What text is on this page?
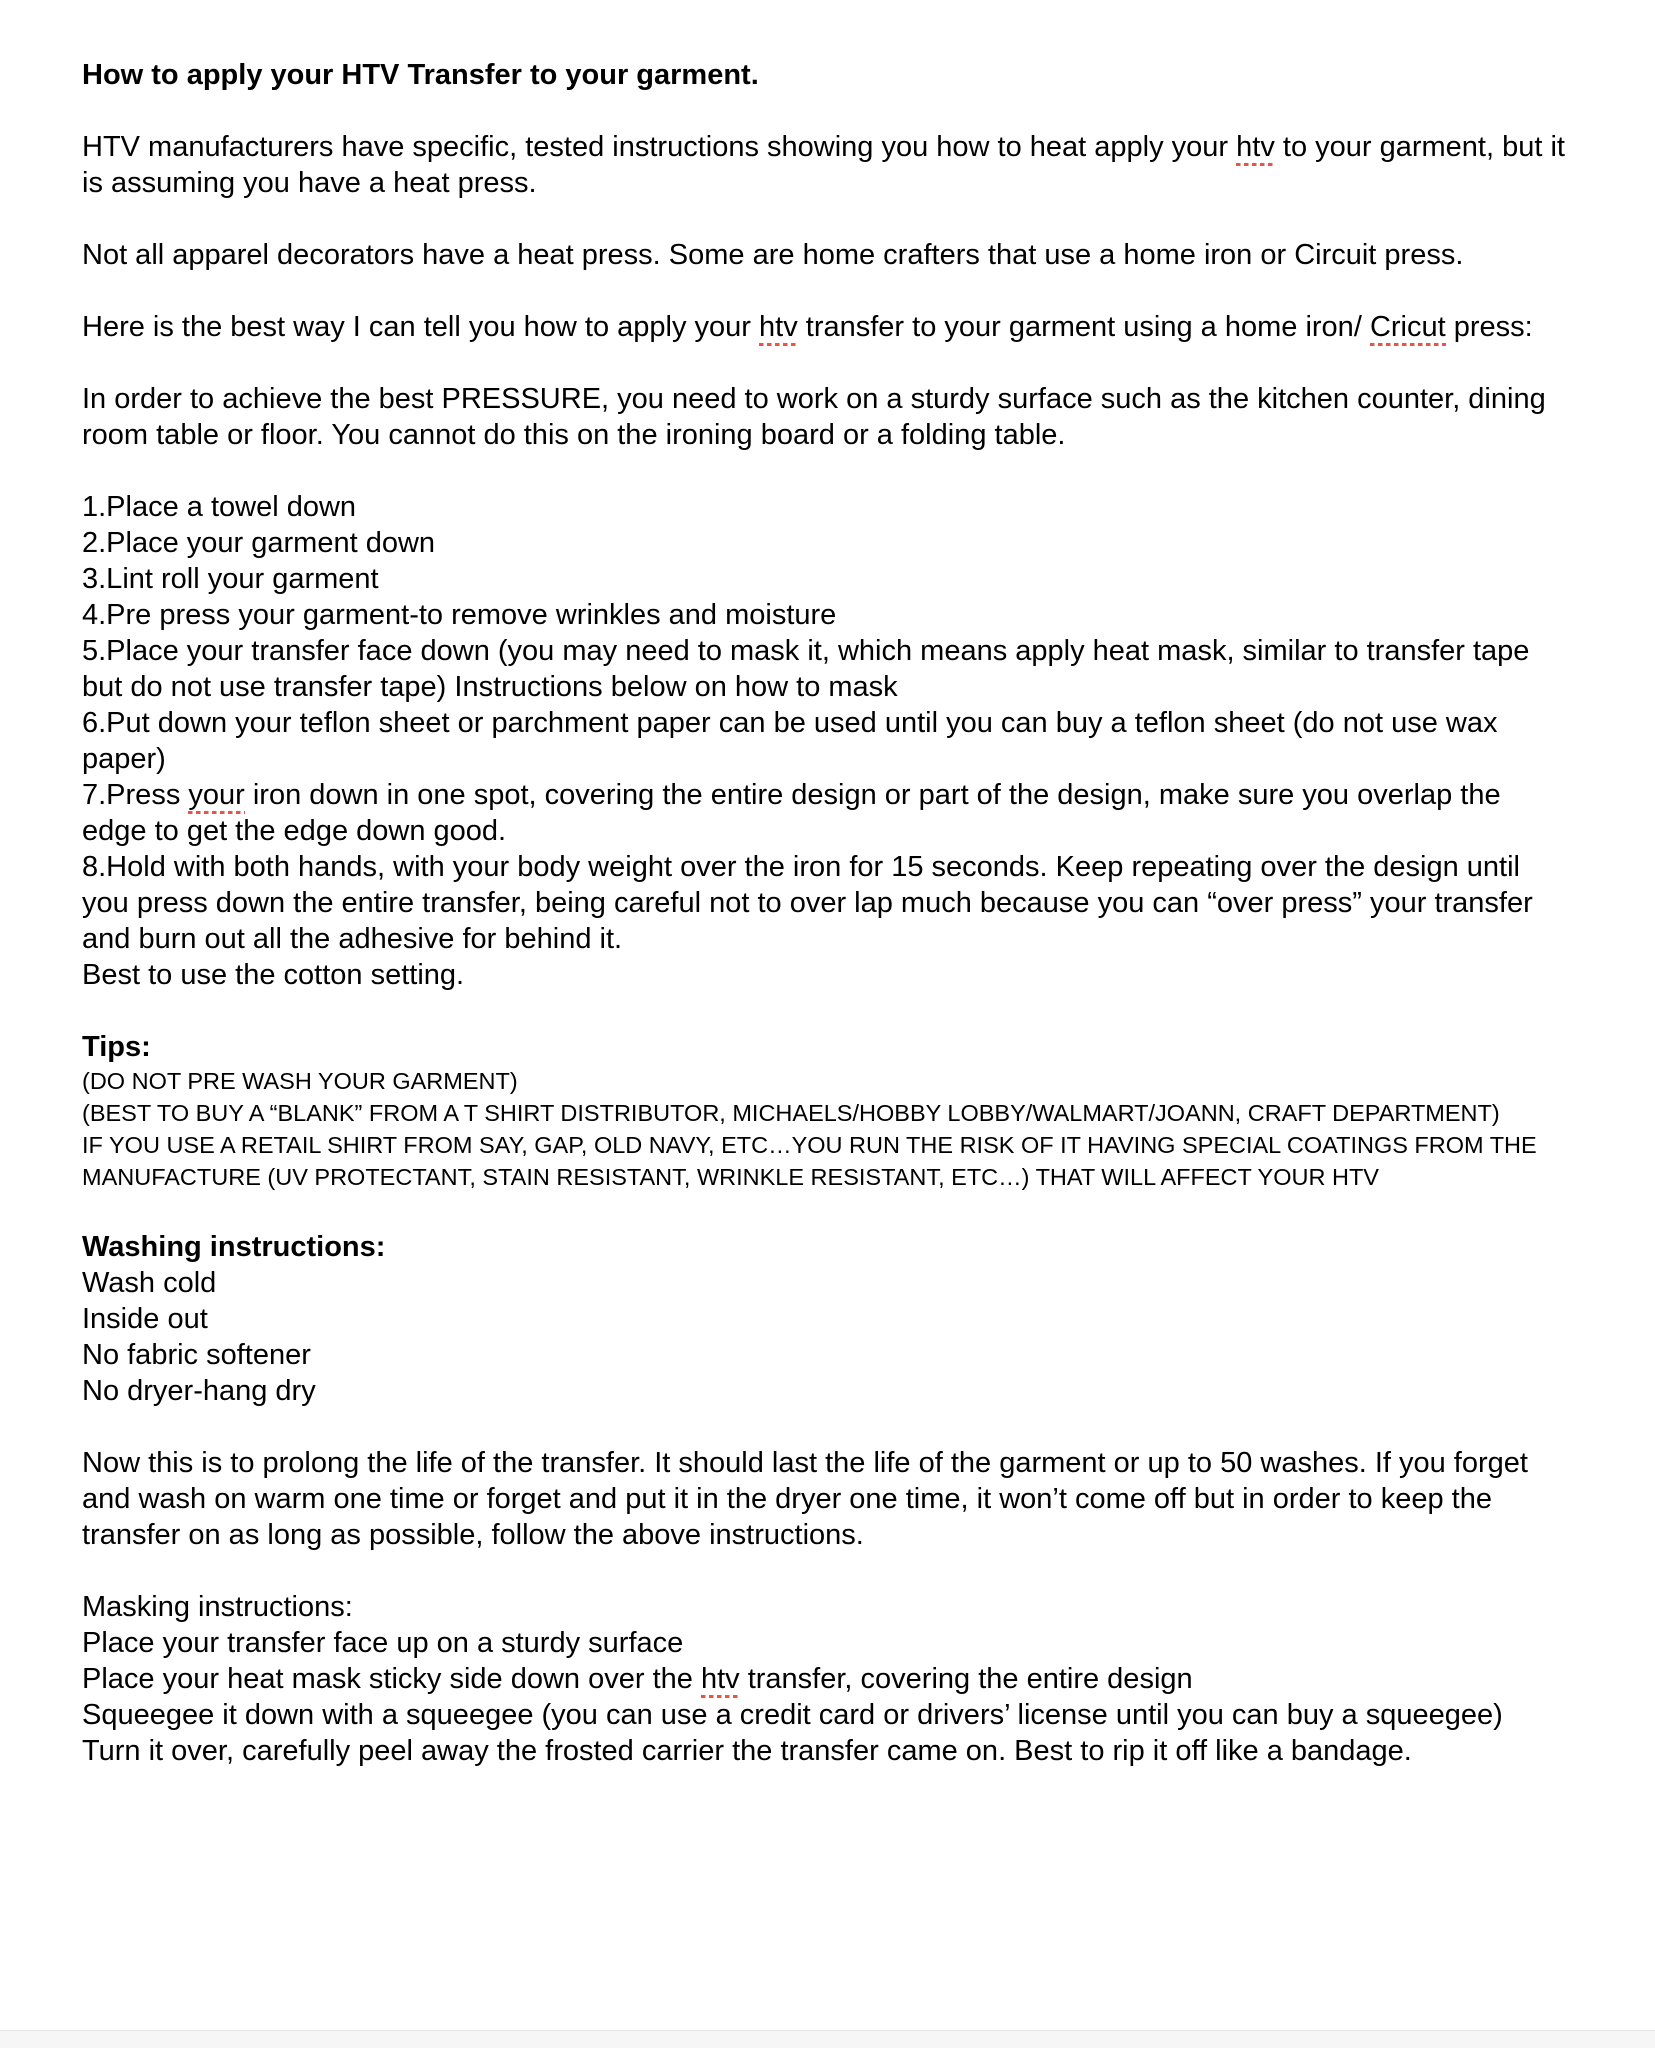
How to apply your HTV Transfer to your garment.

HTV manufacturers have specific, tested instructions showing you how to heat apply your htv to your garment, but it is assuming you have a heat press.

Not all apparel decorators have a heat press. Some are home crafters that use a home iron or Circuit press.

Here is the best way I can tell you how to apply your htv transfer to your garment using a home iron/ Cricut press:

In order to achieve the best PRESSURE, you need to work on a sturdy surface such as the kitchen counter, dining room table or floor. You cannot do this on the ironing board or a folding table.

1.Place a towel down

2.Place your garment down

3.Lint roll your garment

4.Pre press your garment-to remove wrinkles and moisture

5.Place your transfer face down (you may need to mask it, which means apply heat mask, similar to transfer tape but do not use transfer tape) Instructions below on how to mask

6.Put down your teflon sheet or parchment paper can be used until you can buy a teflon sheet (do not use wax paper)

7.Press your iron down in one spot, covering the entire design or part of the design, make sure you overlap the edge to get the edge down good.

8.Hold with both hands, with your body weight over the iron for 15 seconds. Keep repeating over the design until you press down the entire transfer, being careful not to over lap much because you can “over press” your transfer and burn out all the adhesive for behind it.

Best to use the cotton setting.

Tips:

(DO NOT PRE WASH YOUR GARMENT)

(BEST TO BUY A “BLANK” FROM A T SHIRT DISTRIBUTOR, MICHAELS/HOBBY LOBBY/WALMART/JOANN, CRAFT DEPARTMENT)

IF YOU USE A RETAIL SHIRT FROM SAY, GAP, OLD NAVY, ETC…YOU RUN THE RISK OF IT HAVING SPECIAL COATINGS FROM THE MANUFACTURE (UV PROTECTANT, STAIN RESISTANT, WRINKLE RESISTANT, ETC…) THAT WILL AFFECT YOUR HTV

Washing instructions:

Wash cold

Inside out

No fabric softener

No dryer-hang dry

Now this is to prolong the life of the transfer. It should last the life of the garment or up to 50 washes. If you forget and wash on warm one time or forget and put it in the dryer one time, it won’t come off but in order to keep the transfer on as long as possible, follow the above instructions.

Masking instructions:

Place your transfer face up on a sturdy surface

Place your heat mask sticky side down over the htv transfer, covering the entire design

Squeegee it down with a squeegee (you can use a credit card or drivers’ license until you can buy a squeegee)

Turn it over, carefully peel away the frosted carrier the transfer came on. Best to rip it off like a bandage.
